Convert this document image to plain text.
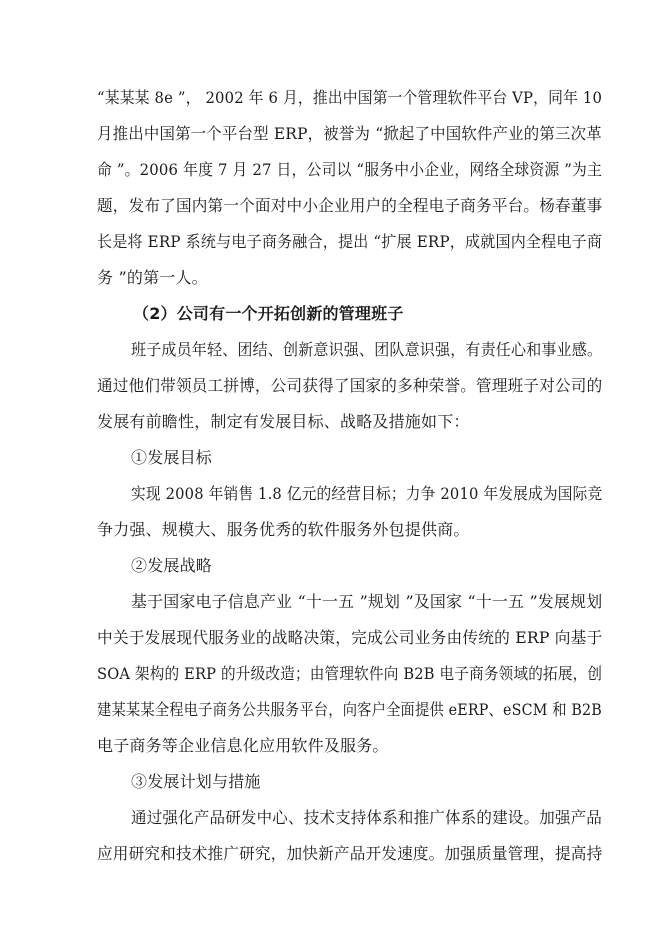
“某某某 8e ”， 2002 年 6 月，推出中国第一个管理软件平台 VP，同年 10
月推出中国第一个平台型 ERP，被誉为 “掀起了中国软件产业的第三次革
命 ”。2006 年度 7 月 27 日，公司以 “服务中小企业，网络全球资源 ”为主
题，发布了国内第一个面对中小企业用户的全程电子商务平台。杨春董事
长是将 ERP 系统与电子商务融合，提出 “扩展 ERP，成就国内全程电子商
务 ”的第一人。
（2）公司有一个开拓创新的管理班子
班子成员年轻、团结、创新意识强、团队意识强，有责任心和事业感。
通过他们带领员工拼博，公司获得了国家的多种荣誉。管理班子对公司的
发展有前瞻性，制定有发展目标、战略及措施如下：
①发展目标
实现 2008 年销售 1.8 亿元的经营目标；力争 2010 年发展成为国际竞
争力强、规模大、服务优秀的软件服务外包提供商。
②发展战略
基于国家电子信息产业 “十一五 ”规划 ”及国家 “十一五 ”发展规划
中关于发展现代服务业的战略决策，完成公司业务由传统的 ERP 向基于
SOA 架构的 ERP 的升级改造；由管理软件向 B2B 电子商务领域的拓展，创
建某某某全程电子商务公共服务平台，向客户全面提供 eERP、eSCM 和 B2B
电子商务等企业信息化应用软件及服务。
③发展计划与措施
通过强化产品研发中心、技术支持体系和推广体系的建设。加强产品
应用研究和技术推广研究，加快新产品开发速度。加强质量管理，提高持
